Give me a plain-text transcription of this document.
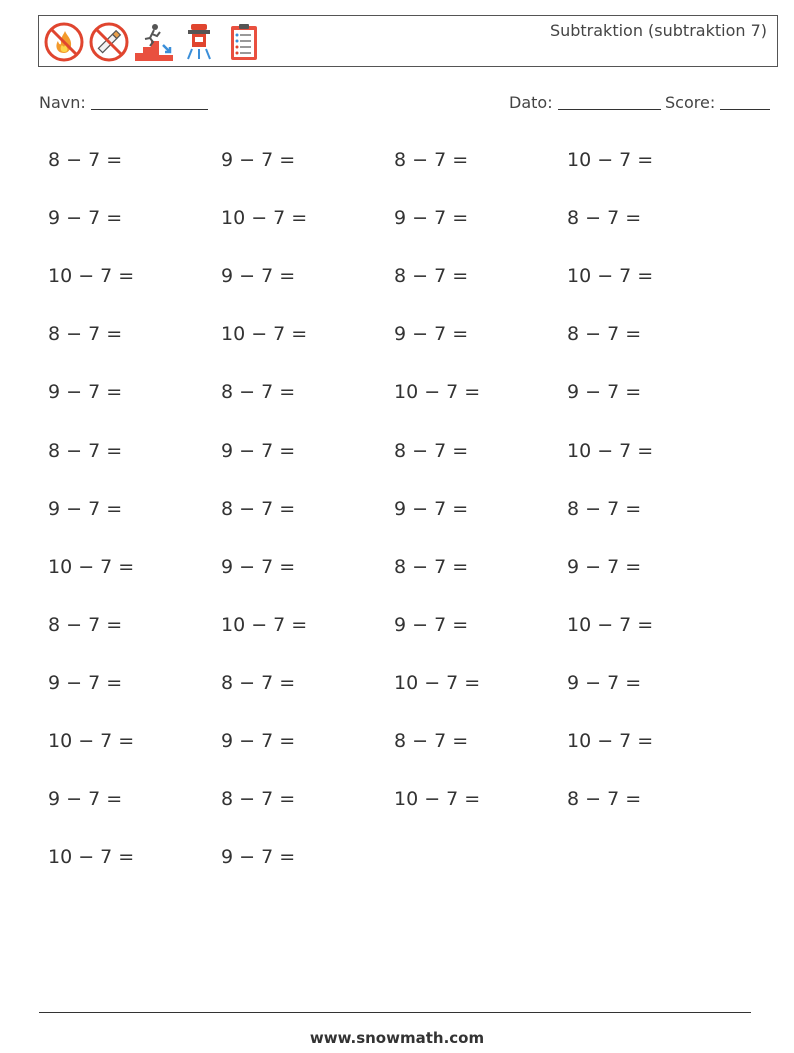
Subtraktion (subtraktion 7)
Navn:	Dato:	Score:
8 − 7 =	9 − 7 =	8 − 7 =	10 − 7 =
9 − 7 =	10 − 7 =	9 − 7 =	8 − 7 =
10 − 7 =	9 − 7 =	8 − 7 =	10 − 7 =
8 − 7 =	10 − 7 =	9 − 7 =	8 − 7 =
9 − 7 =	8 − 7 =	10 − 7 =	9 − 7 =
8 − 7 =	9 − 7 =	8 − 7 =	10 − 7 =
9 − 7 =	8 − 7 =	9 − 7 =	8 − 7 =
10 − 7 =	9 − 7 =	8 − 7 =	9 − 7 =
8 − 7 =	10 − 7 =	9 − 7 =	10 − 7 =
9 − 7 =	8 − 7 =	10 − 7 =	9 − 7 =
10 − 7 =	9 − 7 =	8 − 7 =	10 − 7 =
9 − 7 =	8 − 7 =	10 − 7 =	8 − 7 =
10 − 7 =	9 − 7 =
www.snowmath.com
